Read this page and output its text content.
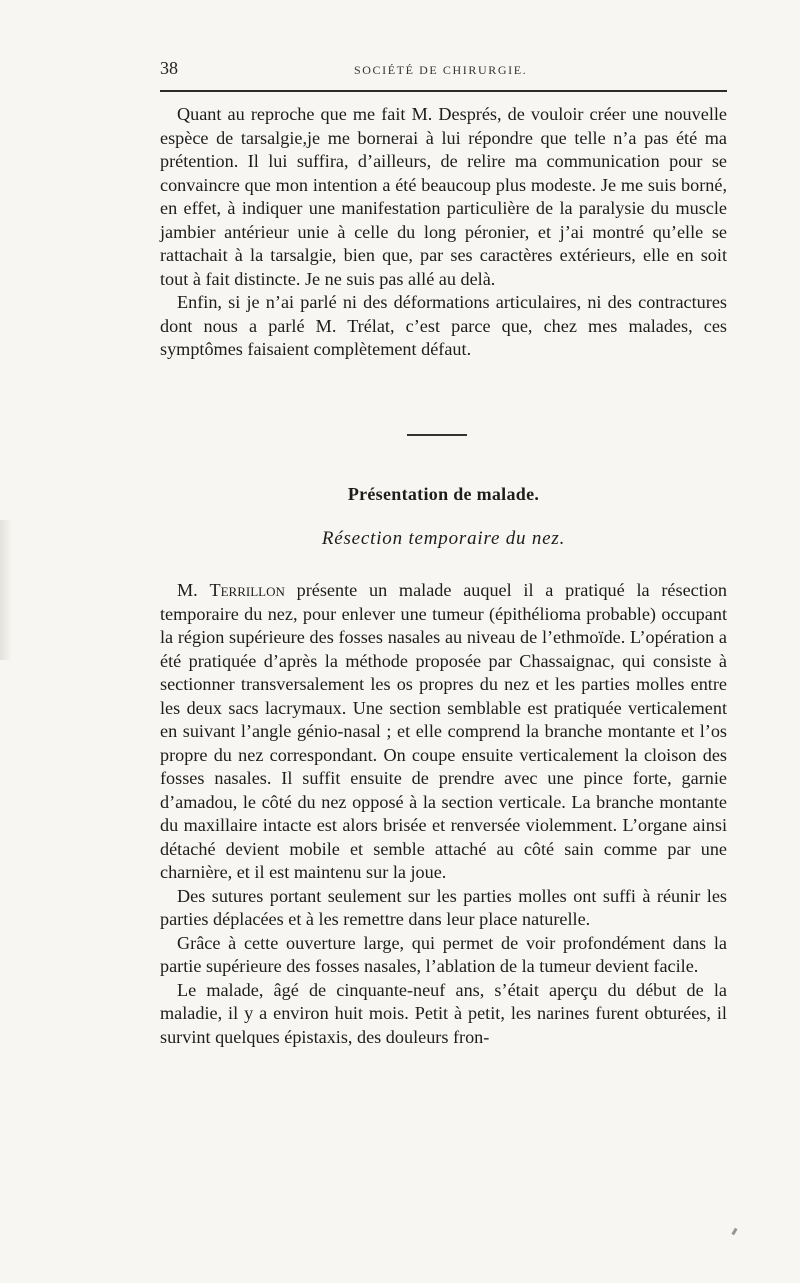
38	SOCIÉTÉ DE CHIRURGIE.

Quant au reproche que me fait M. Després, de vouloir créer une nouvelle espèce de tarsalgie,je me bornerai à lui répondre que telle n’a pas été ma prétention. Il lui suffira, d’ailleurs, de relire ma communication pour se convaincre que mon intention a été beaucoup plus modeste. Je me suis borné, en effet, à indiquer une manifestation particulière de la paralysie du muscle jambier antérieur unie à celle du long péronier, et j’ai montré qu’elle se rattachait à la tarsalgie, bien que, par ses caractères extérieurs, elle en soit tout à fait distincte. Je ne suis pas allé au delà.

Enfin, si je n’ai parlé ni des déformations articulaires, ni des contractures dont nous a parlé M. Trélat, c’est parce que, chez mes malades, ces symptômes faisaient complètement défaut.

Présentation de malade.
Résection temporaire du nez.

M. Terrillon présente un malade auquel il a pratiqué la résection temporaire du nez, pour enlever une tumeur (épithélioma probable) occupant la région supérieure des fosses nasales au niveau de l’ethmoïde. L’opération a été pratiquée d’après la méthode proposée par Chassaignac, qui consiste à sectionner transversalement les os propres du nez et les parties molles entre les deux sacs lacrymaux. Une section semblable est pratiquée verticalement en suivant l’angle génio-nasal ; et elle comprend la branche montante et l’os propre du nez correspondant. On coupe ensuite verticalement la cloison des fosses nasales. Il suffit ensuite de prendre avec une pince forte, garnie d’amadou, le côté du nez opposé à la section verticale. La branche montante du maxillaire intacte est alors brisée et renversée violemment. L’organe ainsi détaché devient mobile et semble attaché au côté sain comme par une charnière, et il est maintenu sur la joue.

Des sutures portant seulement sur les parties molles ont suffi à réunir les parties déplacées et à les remettre dans leur place naturelle.

Grâce à cette ouverture large, qui permet de voir profondément dans la partie supérieure des fosses nasales, l’ablation de la tumeur devient facile.

Le malade, âgé de cinquante-neuf ans, s’était aperçu du début de la maladie, il y a environ huit mois. Petit à petit, les narines furent obturées, il survint quelques épistaxis, des douleurs fron-
